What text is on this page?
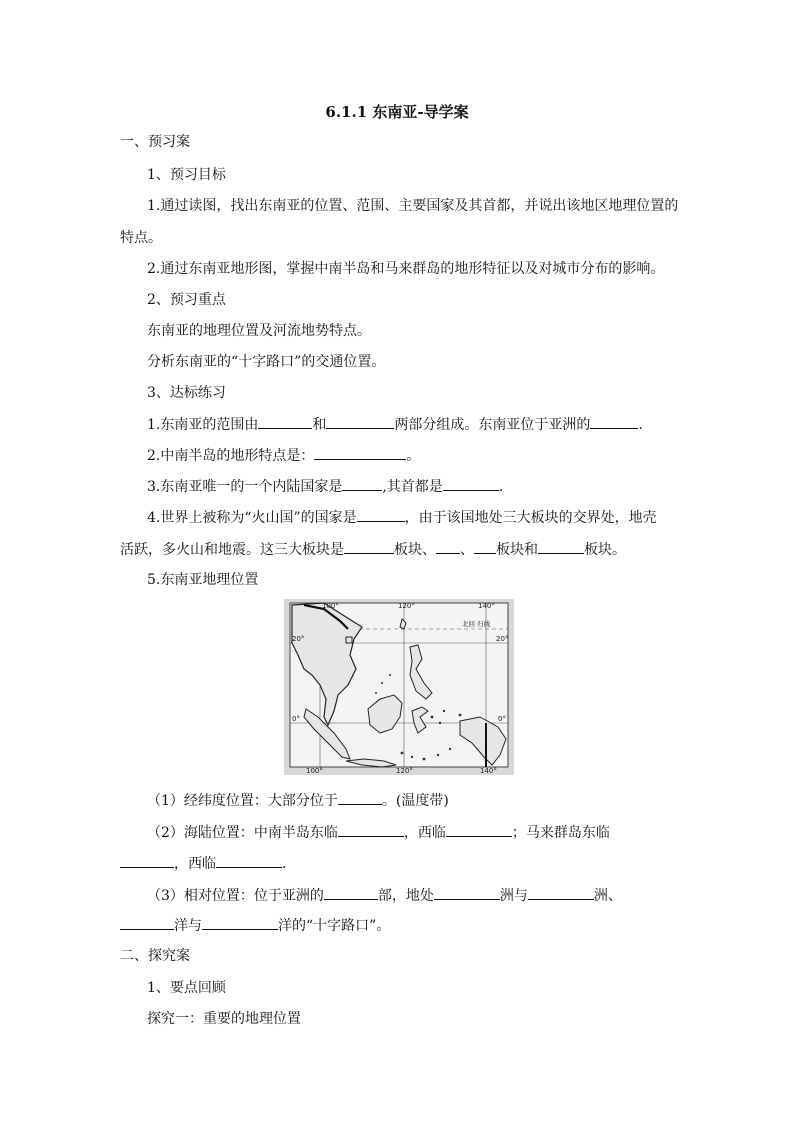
6.1.1 东南亚-导学案
一、预习案
1、预习目标
1.通过读图，找出东南亚的位置、范围、主要国家及其首都，并说出该地区地理位置的
特点。
2.通过东南亚地形图，掌握中南半岛和马来群岛的地形特征以及对城市分布的影响。
2、预习重点
东南亚的地理位置及河流地势特点。
分析东南亚的“十字路口”的交通位置。
3、达标练习
1.东南亚的范围由	和	两部分组成。东南亚位于亚洲的	.
2.中南半岛的地形特点是：	。
3.东南亚唯一的一个内陆国家是	,其首都是	.
4.世界上被称为“火山国”的国家是	，由于该国地处三大板块的交界处，地壳
活跃，多火山和地震。这三大板块是	板块、 、 板块和	板块。
5.东南亚地理位置
100°	120°	140°
20°	20°
0°	0°
北回 归线
100°	120°	140°
（1）经纬度位置：大部分位于	。(温度带)
（2）海陆位置：中南半岛东临	，西临	；马来群岛东临
，西临	.
（3）相对位置：位于亚洲的	部，地处	洲与	洲、
洋与	洋的“十字路口”。
二、探究案
1、要点回顾
探究一：重要的地理位置
